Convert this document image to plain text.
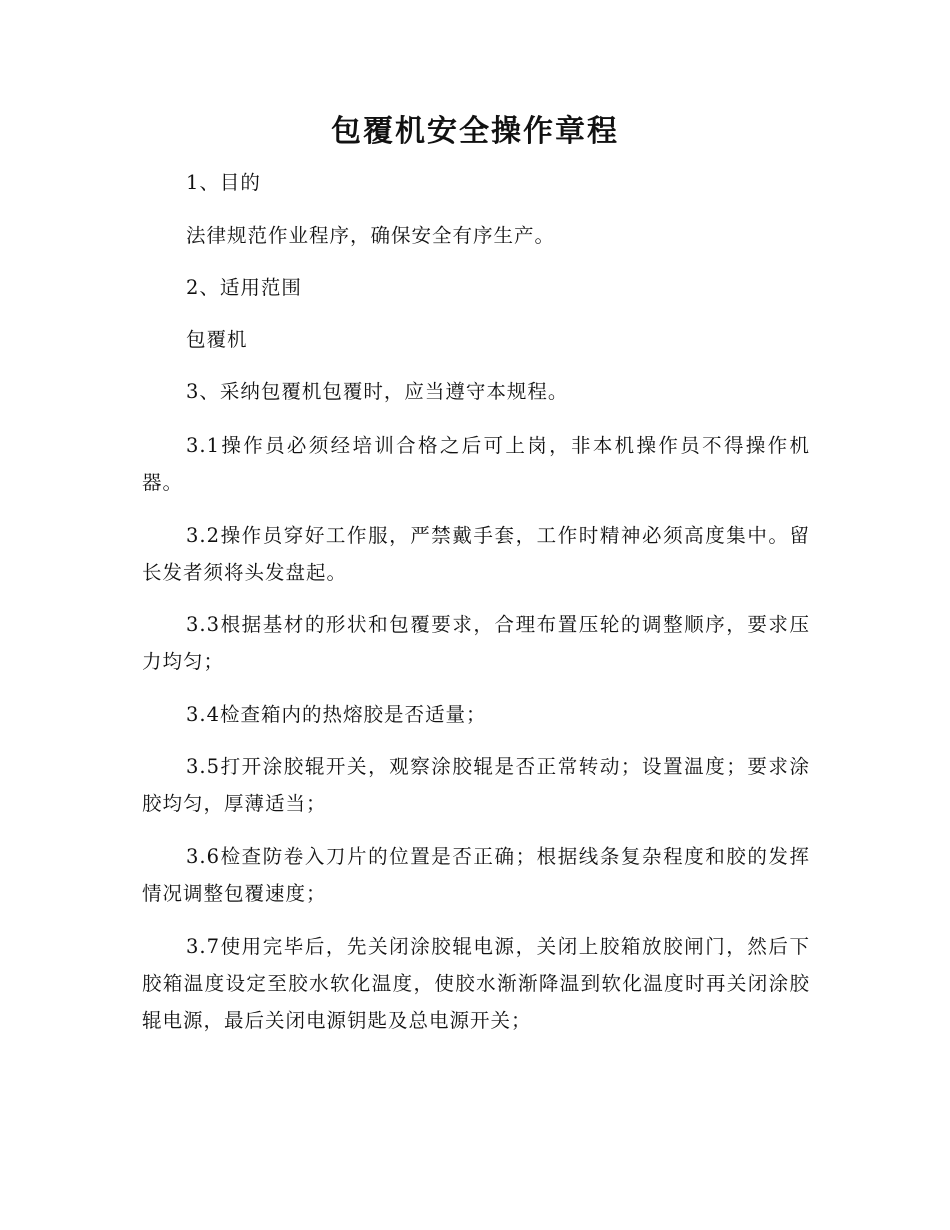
包覆机安全操作章程
1、目的
法律规范作业程序，确保安全有序生产。
2、适用范围
包覆机
3、采纳包覆机包覆时，应当遵守本规程。
3.1操作员必须经培训合格之后可上岗，非本机操作员不得操作机器。
3.2操作员穿好工作服，严禁戴手套，工作时精神必须高度集中。留长发者须将头发盘起。
3.3根据基材的形状和包覆要求，合理布置压轮的调整顺序，要求压力均匀；
3.4检查箱内的热熔胶是否适量；
3.5打开涂胶辊开关，观察涂胶辊是否正常转动；设置温度；要求涂胶均匀，厚薄适当；
3.6检查防卷入刀片的位置是否正确；根据线条复杂程度和胶的发挥情况调整包覆速度；
3.7使用完毕后，先关闭涂胶辊电源，关闭上胶箱放胶闸门，然后下胶箱温度设定至胶水软化温度，使胶水渐渐降温到软化温度时再关闭涂胶辊电源，最后关闭电源钥匙及总电源开关；
